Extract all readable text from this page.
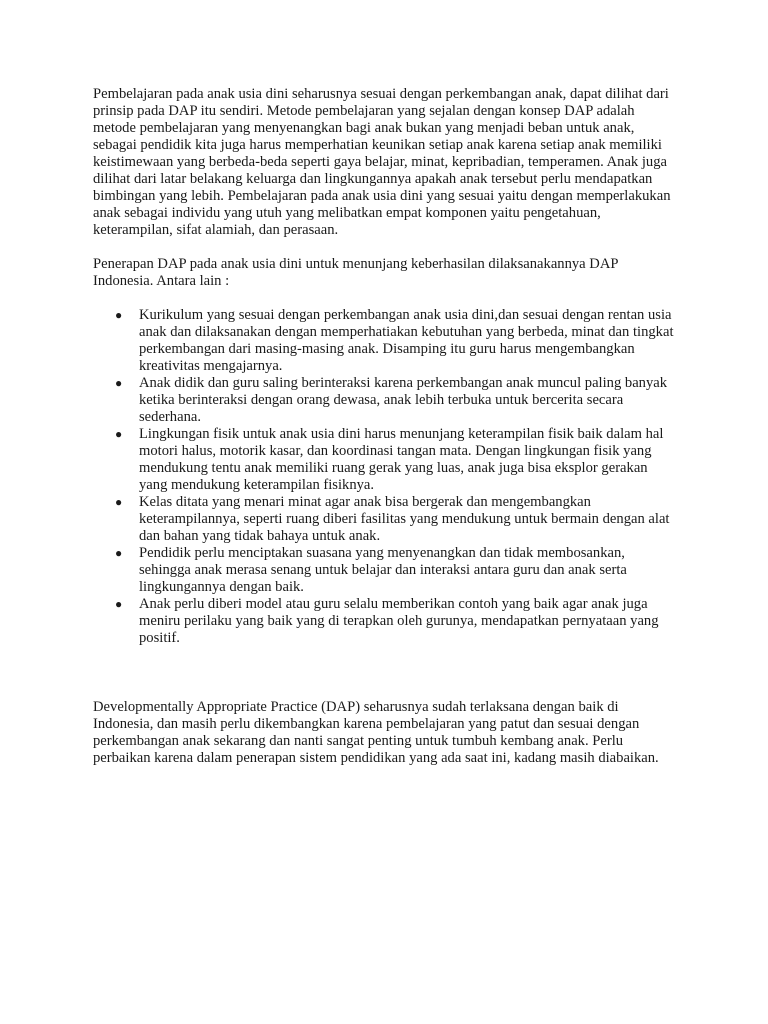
Pembelajaran pada anak usia dini seharusnya sesuai dengan perkembangan anak, dapat dilihat dari prinsip pada DAP itu sendiri. Metode pembelajaran yang sejalan dengan konsep DAP adalah metode pembelajaran yang menyenangkan bagi anak bukan yang menjadi beban untuk anak, sebagai pendidik kita juga harus memperhatian keunikan setiap anak karena setiap anak memiliki keistimewaan yang berbeda-beda seperti gaya belajar, minat, kepribadian, temperamen. Anak juga dilihat dari latar belakang keluarga dan lingkungannya apakah anak tersebut perlu mendapatkan bimbingan yang lebih. Pembelajaran pada anak usia dini yang sesuai yaitu dengan memperlakukan anak sebagai individu yang utuh yang melibatkan empat komponen yaitu pengetahuan, keterampilan, sifat alamiah, dan perasaan.

Penerapan DAP pada anak usia dini untuk menunjang keberhasilan dilaksanakannya DAP Indonesia. Antara lain :

● Kurikulum yang sesuai dengan perkembangan anak usia dini,dan sesuai dengan rentan usia anak dan dilaksanakan dengan memperhatiakan kebutuhan yang berbeda, minat dan tingkat perkembangan dari masing-masing anak. Disamping itu guru harus mengembangkan kreativitas mengajarnya.
● Anak didik dan guru saling berinteraksi karena perkembangan anak muncul paling banyak ketika berinteraksi dengan orang dewasa, anak lebih terbuka untuk bercerita secara sederhana.
● Lingkungan fisik untuk anak usia dini harus menunjang keterampilan fisik baik dalam hal motori halus, motorik kasar, dan koordinasi tangan mata. Dengan lingkungan fisik yang mendukung tentu anak memiliki ruang gerak yang luas, anak juga bisa eksplor gerakan yang mendukung keterampilan fisiknya.
● Kelas ditata yang menari minat agar anak bisa bergerak dan mengembangkan keterampilannya, seperti ruang diberi fasilitas yang mendukung untuk bermain dengan alat dan bahan yang tidak bahaya untuk anak.
● Pendidik perlu menciptakan suasana yang menyenangkan dan tidak membosankan, sehingga anak merasa senang untuk belajar dan interaksi antara guru dan anak serta lingkungannya dengan baik.
● Anak perlu diberi model atau guru selalu memberikan contoh yang baik agar anak juga meniru perilaku yang baik yang di terapkan oleh gurunya, mendapatkan pernyataan yang positif.

Developmentally Appropriate Practice (DAP) seharusnya sudah terlaksana dengan baik di Indonesia, dan masih perlu dikembangkan karena pembelajaran yang patut dan sesuai dengan perkembangan anak sekarang dan nanti sangat penting untuk tumbuh kembang anak. Perlu perbaikan karena dalam penerapan sistem pendidikan yang ada saat ini, kadang masih diabaikan.
